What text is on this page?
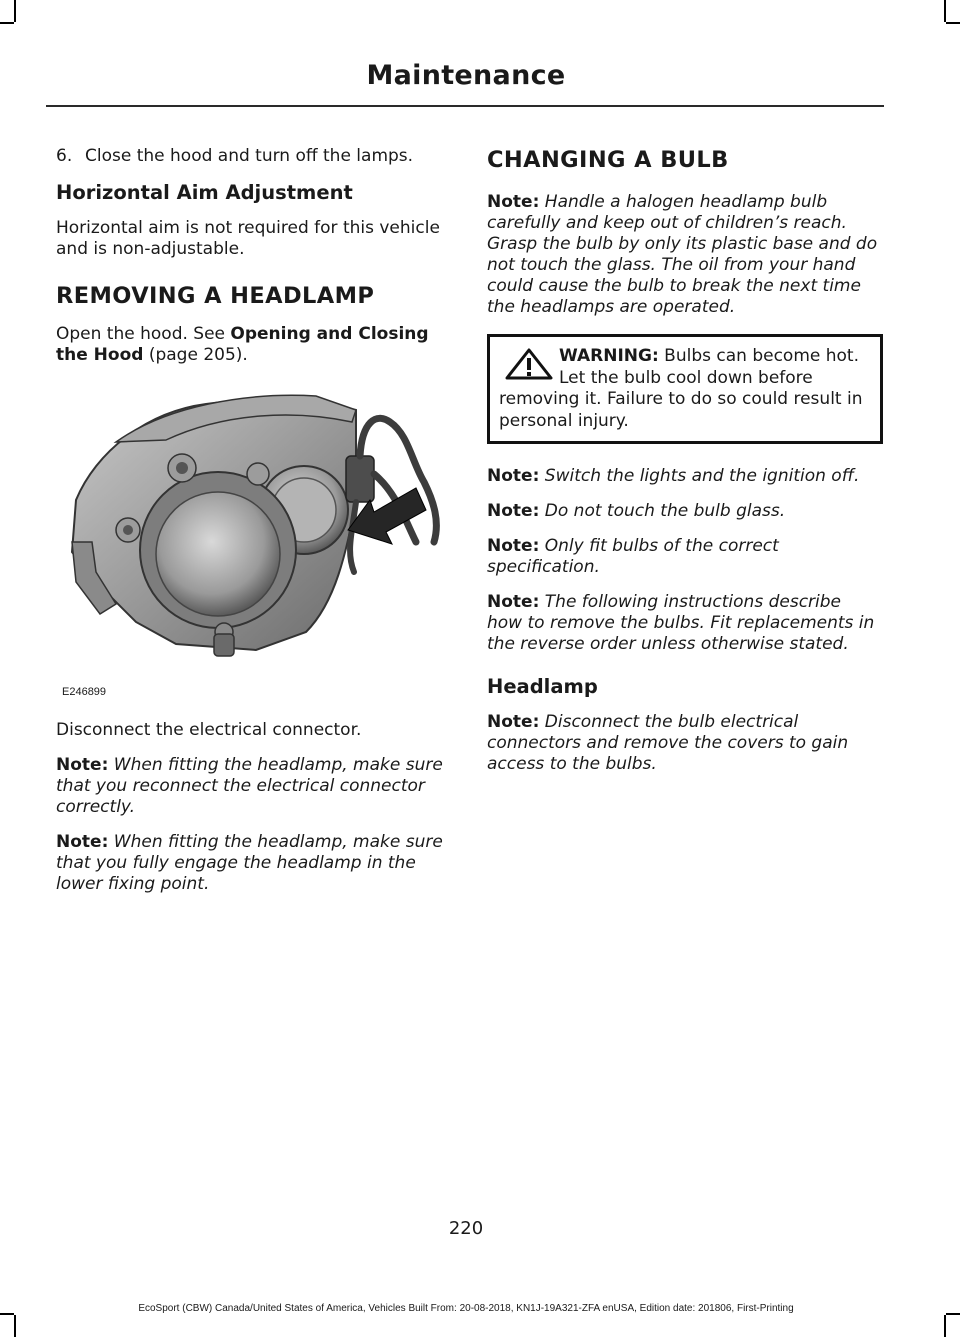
Maintenance

6. Close the hood and turn off the lamps.

Horizontal Aim Adjustment

Horizontal aim is not required for this vehicle and is non-adjustable.

REMOVING A HEADLAMP

Open the hood. See Opening and Closing the Hood (page 205).

E246899

Disconnect the electrical connector.

Note: When fitting the headlamp, make sure that you reconnect the electrical connector correctly.

Note: When fitting the headlamp, make sure that you fully engage the headlamp in the lower fixing point.

CHANGING A BULB

Note: Handle a halogen headlamp bulb carefully and keep out of children’s reach. Grasp the bulb by only its plastic base and do not touch the glass. The oil from your hand could cause the bulb to break the next time the headlamps are operated.

WARNING: Bulbs can become hot. Let the bulb cool down before removing it. Failure to do so could result in personal injury.

Note: Switch the lights and the ignition off.

Note: Do not touch the bulb glass.

Note: Only fit bulbs of the correct specification.

Note: The following instructions describe how to remove the bulbs. Fit replacements in the reverse order unless otherwise stated.

Headlamp

Note: Disconnect the bulb electrical connectors and remove the covers to gain access to the bulbs.

220
EcoSport (CBW) Canada/United States of America, Vehicles Built From: 20-08-2018, KN1J-19A321-ZFA enUSA, Edition date: 201806, First-Printing
